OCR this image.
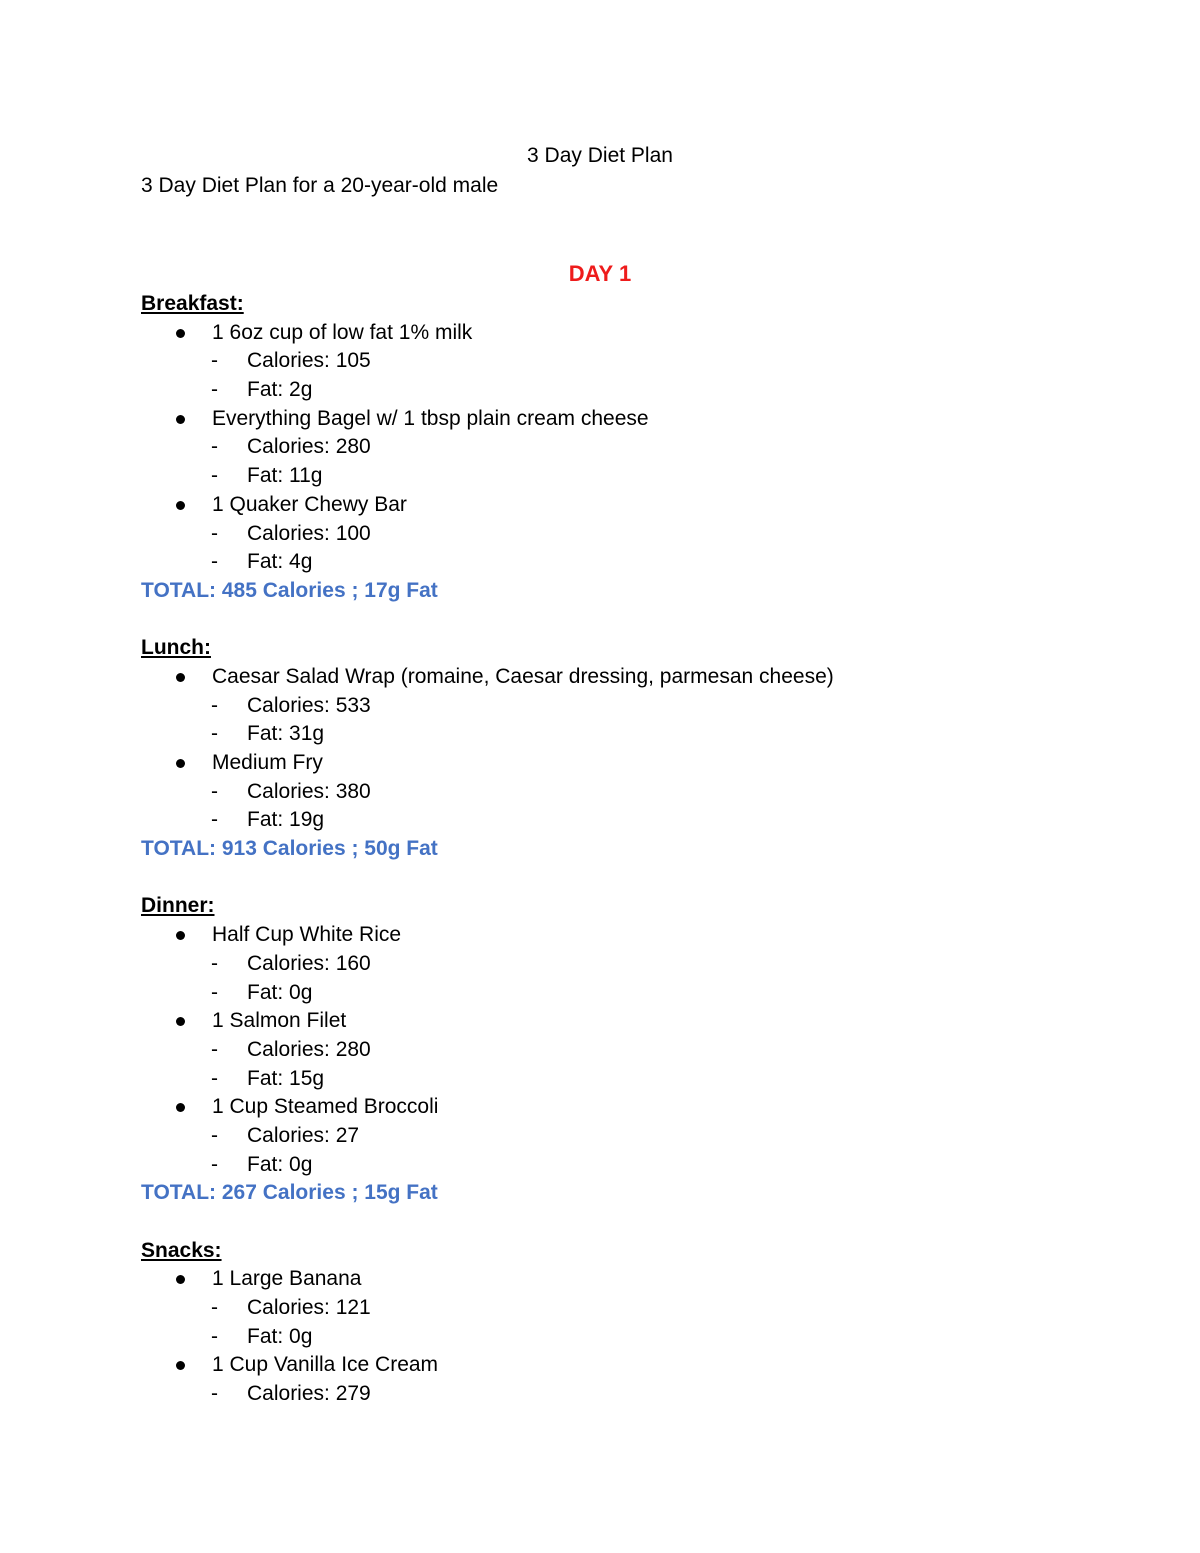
3 Day Diet Plan
3 Day Diet Plan for a 20-year-old male
DAY 1
Breakfast:
1 6oz cup of low fat 1% milk
- Calories: 105
- Fat: 2g
Everything Bagel w/ 1 tbsp plain cream cheese
- Calories: 280
- Fat: 11g
1 Quaker Chewy Bar
- Calories: 100
- Fat: 4g
TOTAL: 485 Calories ; 17g Fat
Lunch:
Caesar Salad Wrap (romaine, Caesar dressing, parmesan cheese)
- Calories: 533
- Fat: 31g
Medium Fry
- Calories: 380
- Fat: 19g
TOTAL: 913 Calories ; 50g Fat
Dinner:
Half Cup White Rice
- Calories: 160
- Fat: 0g
1 Salmon Filet
- Calories: 280
- Fat: 15g
1 Cup Steamed Broccoli
- Calories: 27
- Fat: 0g
TOTAL: 267 Calories ; 15g Fat
Snacks:
1 Large Banana
- Calories: 121
- Fat: 0g
1 Cup Vanilla Ice Cream
- Calories: 279
